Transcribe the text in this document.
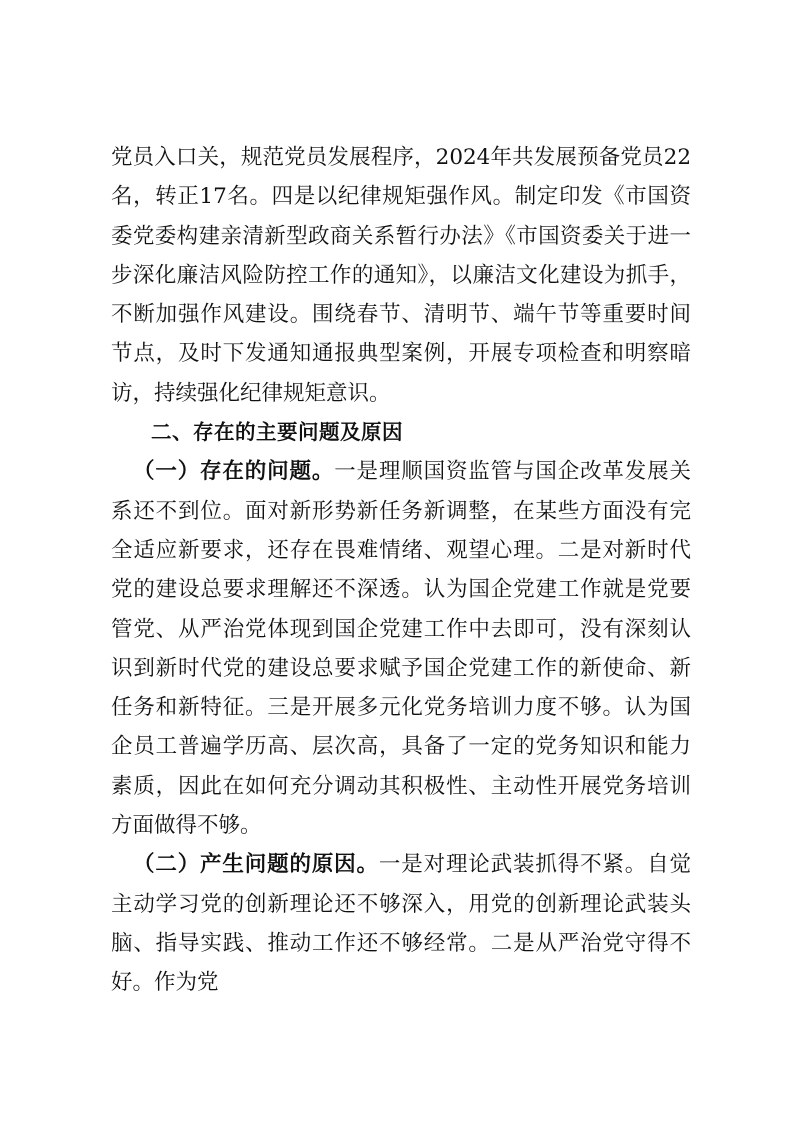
党员入口关，规范党员发展程序，2024年共发展预备党员22名，转正17名。四是以纪律规矩强作风。制定印发《市国资委党委构建亲清新型政商关系暂行办法》《市国资委关于进一步深化廉洁风险防控工作的通知》，以廉洁文化建设为抓手，不断加强作风建设。围绕春节、清明节、端午节等重要时间节点，及时下发通知通报典型案例，开展专项检查和明察暗访，持续强化纪律规矩意识。

二、存在的主要问题及原因

（一）存在的问题。一是理顺国资监管与国企改革发展关系还不到位。面对新形势新任务新调整，在某些方面没有完全适应新要求，还存在畏难情绪、观望心理。二是对新时代党的建设总要求理解还不深透。认为国企党建工作就是党要管党、从严治党体现到国企党建工作中去即可，没有深刻认识到新时代党的建设总要求赋予国企党建工作的新使命、新任务和新特征。三是开展多元化党务培训力度不够。认为国企员工普遍学历高、层次高，具备了一定的党务知识和能力素质，因此在如何充分调动其积极性、主动性开展党务培训方面做得不够。

（二）产生问题的原因。一是对理论武装抓得不紧。自觉主动学习党的创新理论还不够深入，用党的创新理论武装头脑、指导实践、推动工作还不够经常。二是从严治党守得不好。作为党
